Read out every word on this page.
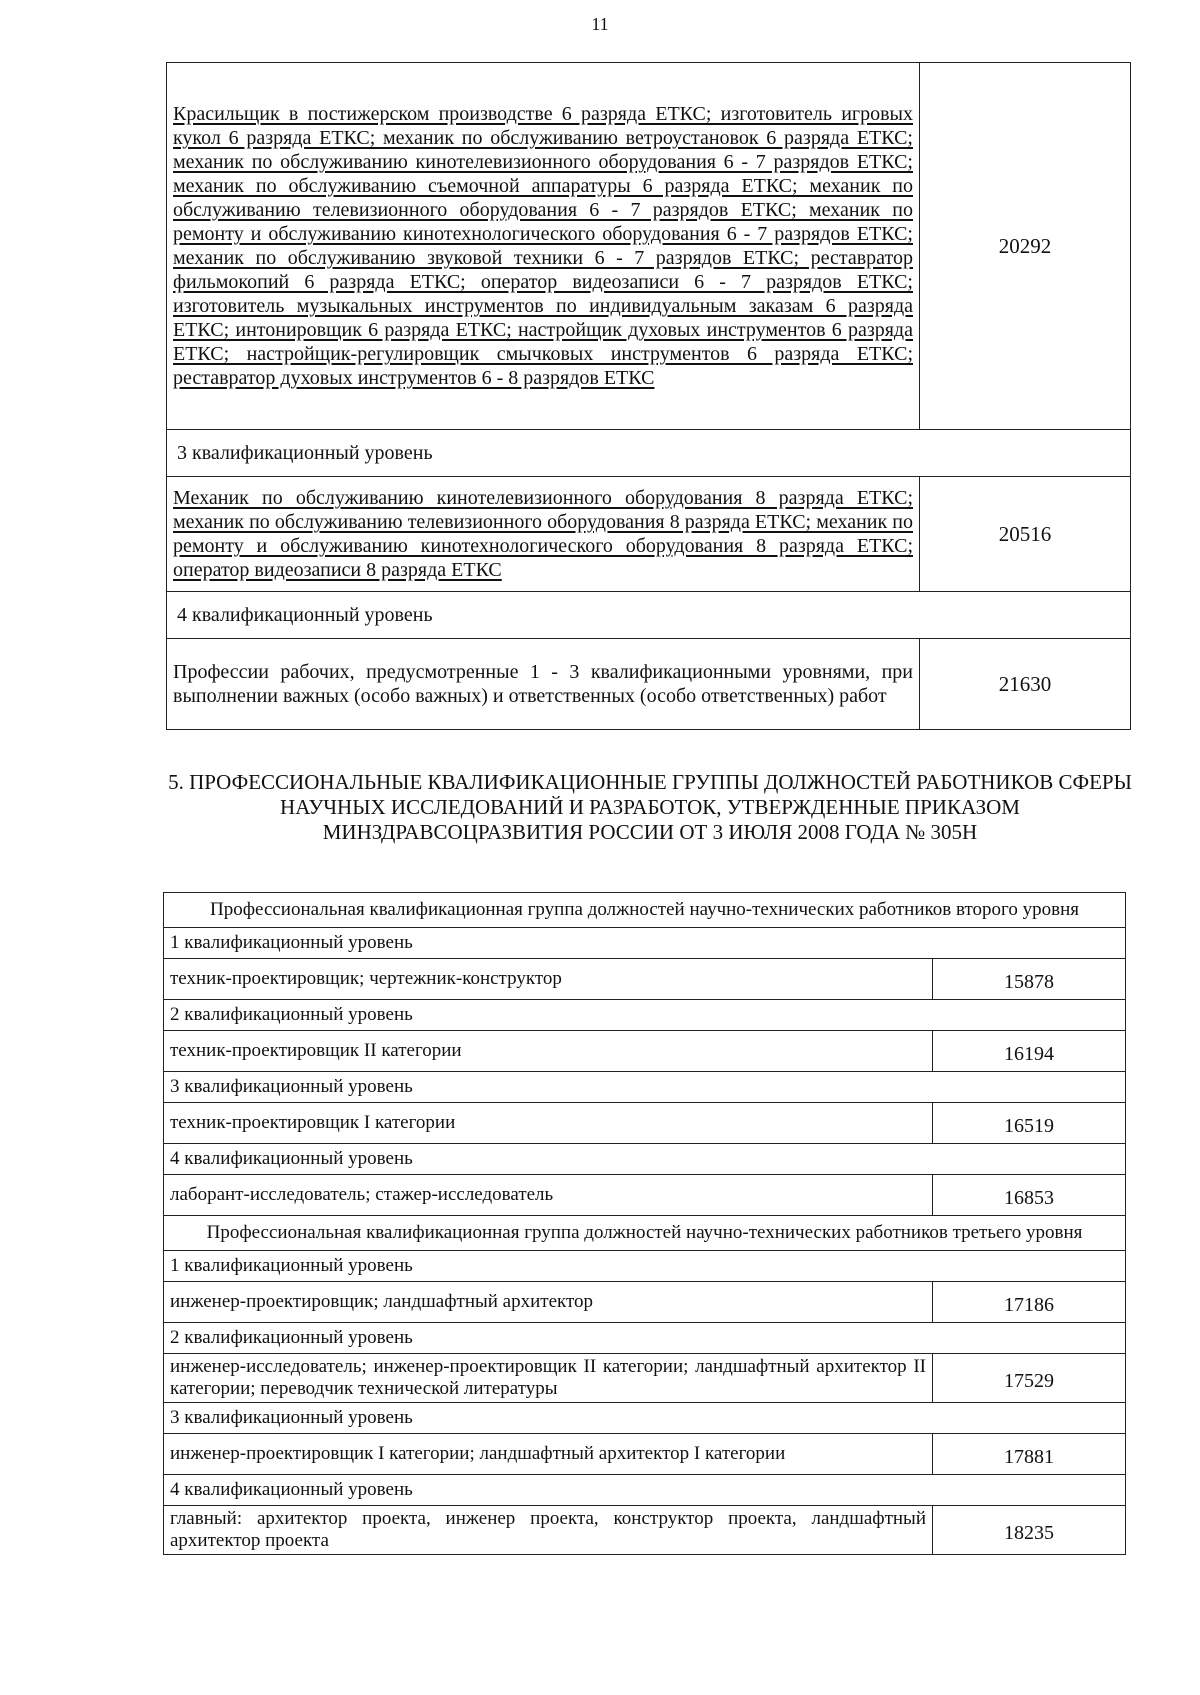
11
Красильщик в постижерском производстве 6 разряда ЕТКС; изготовитель игровых кукол 6 разряда ЕТКС; механик по обслуживанию ветроустановок 6 разряда ЕТКС; механик по обслуживанию кинотелевизионного оборудования 6 - 7 разрядов ЕТКС; механик по обслуживанию съемочной аппаратуры 6 разряда ЕТКС; механик по обслуживанию телевизионного оборудования 6 - 7 разрядов ЕТКС; механик по ремонту и обслуживанию кинотехнологического оборудования 6 - 7 разрядов ЕТКС; механик по обслуживанию звуковой техники 6 - 7 разрядов ЕТКС; реставратор фильмокопий 6 разряда ЕТКС; оператор видеозаписи 6 - 7 разрядов ЕТКС; изготовитель музыкальных инструментов по индивидуальным заказам 6 разряда ЕТКС; интонировщик 6 разряда ЕТКС; настройщик духовых инструментов 6 разряда ЕТКС; настройщик-регулировщик смычковых инструментов 6 разряда ЕТКС; реставратор духовых инструментов 6 - 8 разрядов ЕТКС	20292
3 квалификационный уровень	
Механик по обслуживанию кинотелевизионного оборудования 8 разряда ЕТКС; механик по обслуживанию телевизионного оборудования 8 разряда ЕТКС; механик по ремонту и обслуживанию кинотехнологического оборудования 8 разряда ЕТКС; оператор видеозаписи 8 разряда ЕТКС	20516
4 квалификационный уровень	
Профессии рабочих, предусмотренные 1 - 3 квалификационными уровнями, при выполнении важных (особо важных) и ответственных (особо ответственных) работ	21630
5. ПРОФЕССИОНАЛЬНЫЕ КВАЛИФИКАЦИОННЫЕ ГРУППЫ ДОЛЖНОСТЕЙ РАБОТНИКОВ СФЕРЫ НАУЧНЫХ ИССЛЕДОВАНИЙ И РАЗРАБОТОК, УТВЕРЖДЕННЫЕ ПРИКАЗОМ МИНЗДРАВСОЦРАЗВИТИЯ РОССИИ ОТ 3 ИЮЛЯ 2008 ГОДА № 305Н
Профессиональная квалификационная группа должностей научно-технических работников второго уровня	
1 квалификационный уровень	
техник-проектировщик; чертежник-конструктор	15878
2 квалификационный уровень	
техник-проектировщик II категории	16194
3 квалификационный уровень	
техник-проектировщик I категории	16519
4 квалификационный уровень	
лаборант-исследователь; стажер-исследователь	16853
Профессиональная квалификационная группа должностей научно-технических работников третьего уровня	
1 квалификационный уровень	
инженер-проектировщик; ландшафтный архитектор	17186
2 квалификационный уровень	
инженер-исследователь; инженер-проектировщик II категории; ландшафтный архитектор II категории; переводчик технической литературы	17529
3 квалификационный уровень	
инженер-проектировщик I категории; ландшафтный архитектор I категории	17881
4 квалификационный уровень	
главный: архитектор проекта, инженер проекта, конструктор проекта, ландшафтный архитектор проекта	18235
